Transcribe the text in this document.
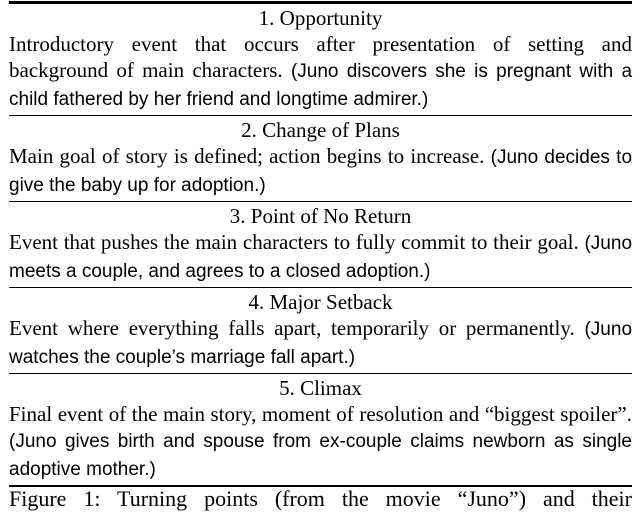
1. Opportunity

Introductory event that occurs after presentation of setting and background of main characters. (Juno discovers she is pregnant with a child fathered by her friend and longtime admirer.)

2. Change of Plans

Main goal of story is defined; action begins to increase. (Juno decides to give the baby up for adoption.)

3. Point of No Return

Event that pushes the main characters to fully commit to their goal. (Juno meets a couple, and agrees to a closed adoption.)

4. Major Setback

Event where everything falls apart, temporarily or permanently. (Juno watches the couple’s marriage fall apart.)

5. Climax

Final event of the main story, moment of resolution and “biggest spoiler”. (Juno gives birth and spouse from ex-couple claims newborn as single adoptive mother.)

Figure 1: Turning points (from the movie “Juno”) and their
